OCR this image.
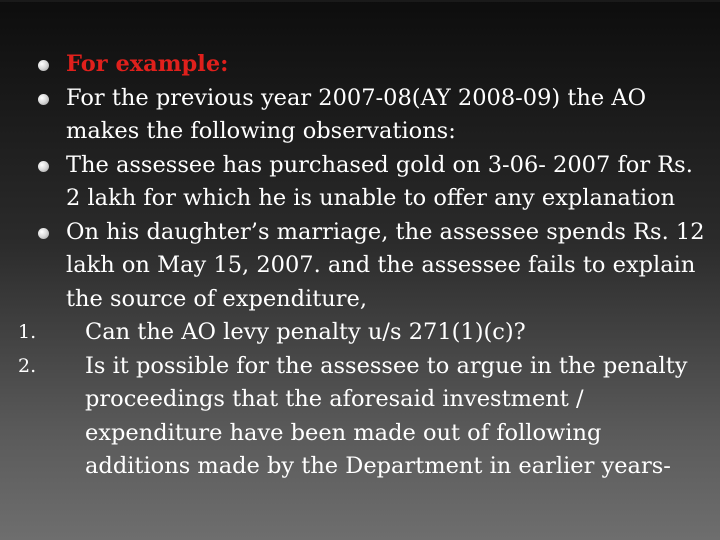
For example:
For the previous year 2007-08(AY 2008-09) the AO makes the following observations:
The assessee has purchased gold on 3-06- 2007 for Rs. 2 lakh for which he is unable to offer any explanation
On his daughter’s marriage, the assessee spends Rs. 12 lakh on May 15, 2007. and the assessee fails to explain the source of expenditure,
1. Can the AO levy penalty u/s 271(1)(c)?
2. Is it possible for the assessee to argue in the penalty proceedings that the aforesaid investment / expenditure have been made out of following additions made by the Department in earlier years-
